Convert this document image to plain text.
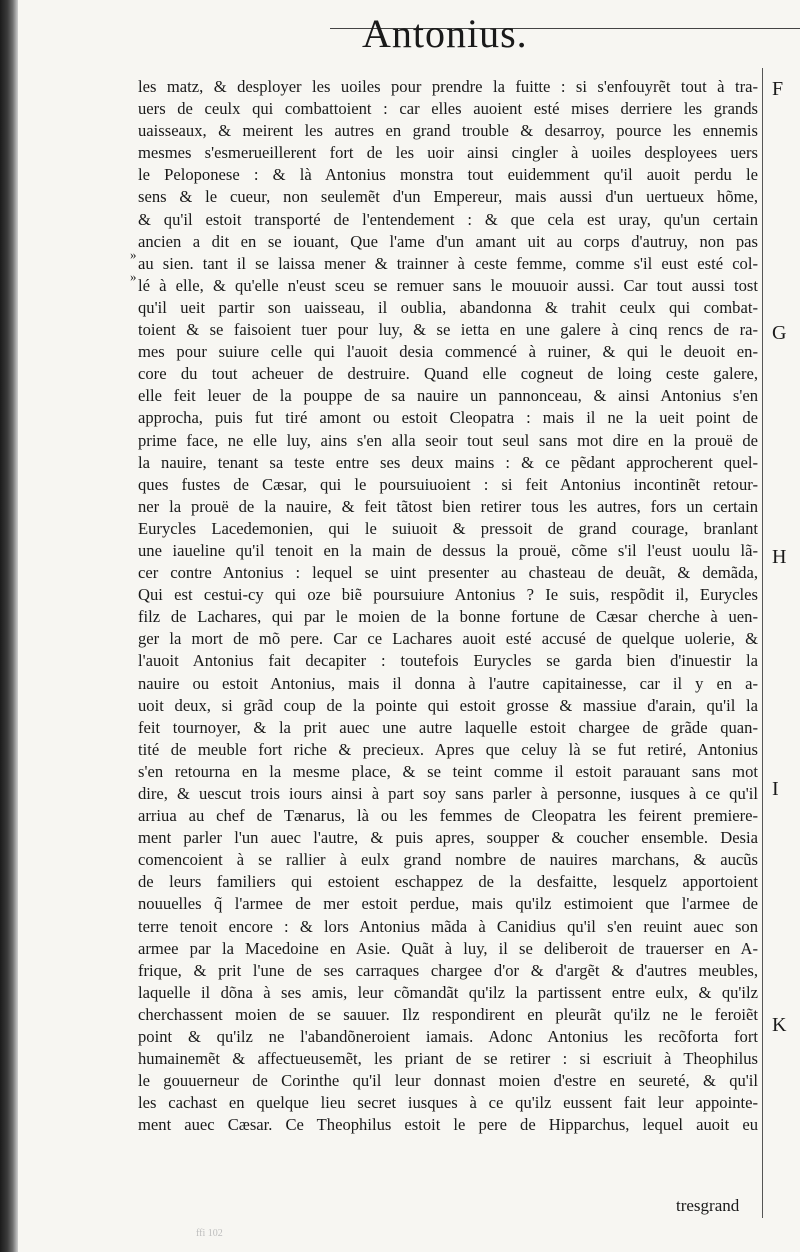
Antonius.
»
»
F
G
H
I
K
les matz, & desployer les uoiles pour prendre la fuitte : si s'enfouyrẽt tout à tra-
uers de ceulx qui combattoient : car elles auoient esté mises derriere les grands
uaisseaux, & meirent les autres en grand trouble & desarroy, pource les ennemis
mesmes s'esmerueillerent fort de les uoir ainsi cingler à uoiles desployees uers
le Peloponese : & là Antonius monstra tout euidemment qu'il auoit perdu le
sens & le cueur, non seulemẽt d'un Empereur, mais aussi d'un uertueux hõme,
& qu'il estoit transporté de l'entendement : & que cela est uray, qu'un certain
ancien a dit en se iouant, Que l'ame d'un amant uit au corps d'autruy, non pas
au sien. tant il se laissa mener & trainner à ceste femme, comme s'il eust esté col-
lé à elle, & qu'elle n'eust sceu se remuer sans le mouuoir aussi. Car tout aussi tost
qu'il ueit partir son uaisseau, il oublia, abandonna & trahit ceulx qui combat-
toient & se faisoient tuer pour luy, & se ietta en une galere à cinq rencs de ra-
mes pour suiure celle qui l'auoit desia commencé à ruiner, & qui le deuoit en-
core du tout acheuer de destruire. Quand elle cogneut de loing ceste galere,
elle feit leuer de la pouppe de sa nauire un pannonceau, & ainsi Antonius s'en
approcha, puis fut tiré amont ou estoit Cleopatra : mais il ne la ueit point de
prime face, ne elle luy, ains s'en alla seoir tout seul sans mot dire en la prouë de
la nauire, tenant sa teste entre ses deux mains : & ce pẽdant approcherent quel-
ques fustes de Cæsar, qui le poursuiuoient : si feit Antonius incontinẽt retour-
ner la prouë de la nauire, & feit tãtost bien retirer tous les autres, fors un certain
Eurycles Lacedemonien, qui le suiuoit & pressoit de grand courage, branlant
une iaueline qu'il tenoit en la main de dessus la prouë, cõme s'il l'eust uoulu lã-
cer contre Antonius : lequel se uint presenter au chasteau de deuãt, & demãda,
Qui est cestui-cy qui oze biẽ poursuiure Antonius ? Ie suis, respõdit il, Eurycles
filz de Lachares, qui par le moien de la bonne fortune de Cæsar cherche à uen-
ger la mort de mõ pere. Car ce Lachares auoit esté accusé de quelque uolerie, &
l'auoit Antonius fait decapiter : toutefois Eurycles se garda bien d'inuestir la
nauire ou estoit Antonius, mais il donna à l'autre capitainesse, car il y en a-
uoit deux, si grãd coup de la pointe qui estoit grosse & massiue d'arain, qu'il la
feit tournoyer, & la prit auec une autre laquelle estoit chargee de grãde quan-
tité de meuble fort riche & precieux. Apres que celuy là se fut retiré, Antonius
s'en retourna en la mesme place, & se teint comme il estoit parauant sans mot
dire, & uescut trois iours ainsi à part soy sans parler à personne, iusques à ce qu'il
arriua au chef de Tænarus, là ou les femmes de Cleopatra les feirent premiere-
ment parler l'un auec l'autre, & puis apres, soupper & coucher ensemble. Desia
comencoient à se rallier à eulx grand nombre de nauires marchans, & aucũs
de leurs familiers qui estoient eschappez de la desfaitte, lesquelz apportoient
nouuelles q̃ l'armee de mer estoit perdue, mais qu'ilz estimoient que l'armee de
terre tenoit encore : & lors Antonius mãda à Canidius qu'il s'en reuint auec son
armee par la Macedoine en Asie. Quãt à luy, il se deliberoit de trauerser en A-
frique, & prit l'une de ses carraques chargee d'or & d'argẽt & d'autres meubles,
laquelle il dõna à ses amis, leur cõmandãt qu'ilz la partissent entre eulx, & qu'ilz
cherchassent moien de se sauuer. Ilz respondirent en pleurãt qu'ilz ne le feroiẽt
point & qu'ilz ne l'abandõneroient iamais. Adonc Antonius les recõforta fort
humainemẽt & affectueusemẽt, les priant de se retirer : si escriuit à Theophilus
le gouuerneur de Corinthe qu'il leur donnast moien d'estre en seureté, & qu'il
les cachast en quelque lieu secret iusques à ce qu'ilz eussent fait leur appointe-
ment auec Cæsar. Ce Theophilus estoit le pere de Hipparchus, lequel auoit eu
tresgrand
ffi 102
